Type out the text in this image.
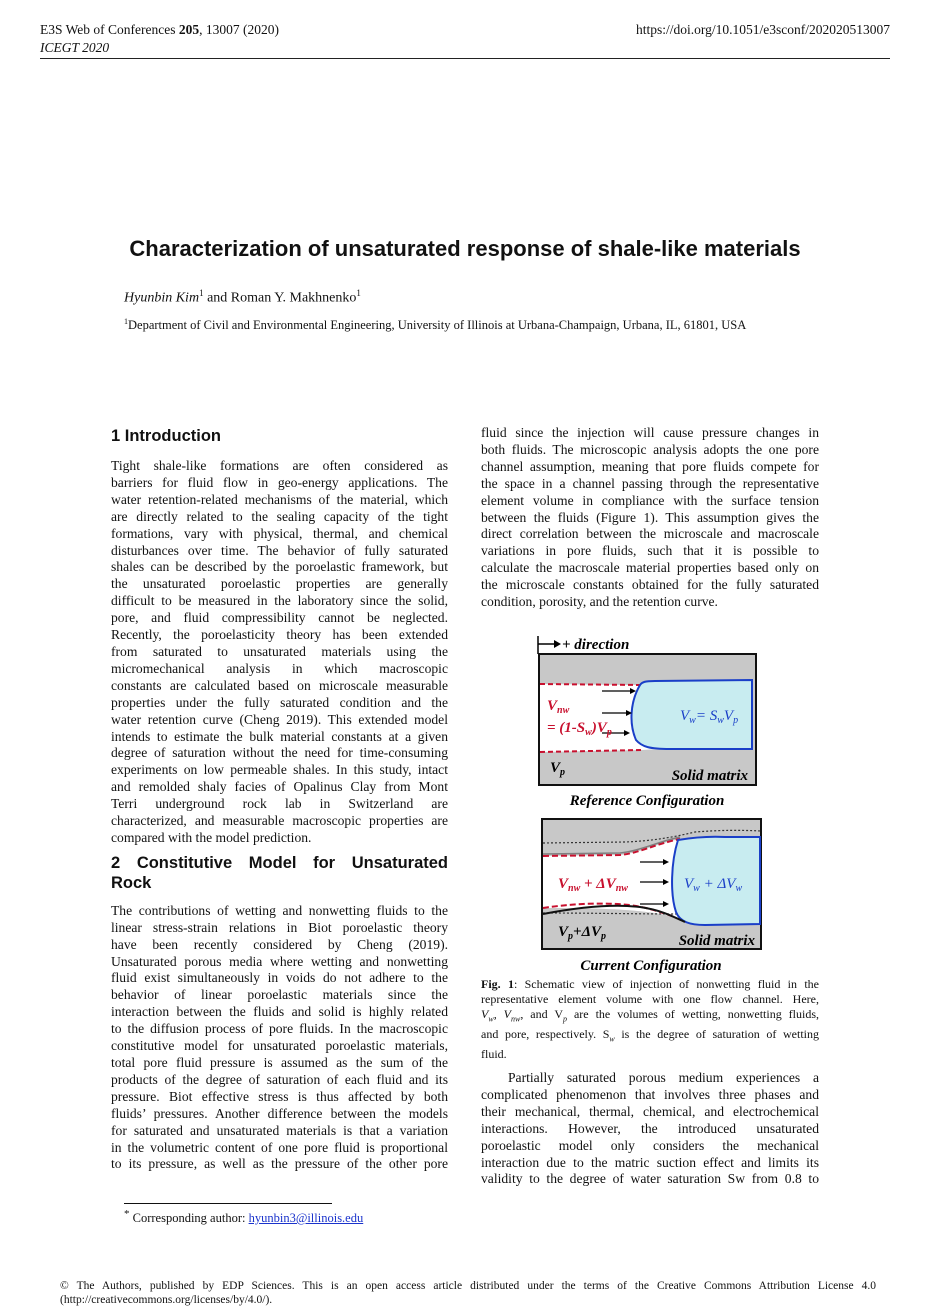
E3S Web of Conferences 205, 13007 (2020)
ICEGT 2020
https://doi.org/10.1051/e3sconf/202020513007
Characterization of unsaturated response of shale-like materials
Hyunbin Kim$^1$ and Roman Y. Makhnenko$^1$
$^1$Department of Civil and Environmental Engineering, University of Illinois at Urbana-Champaign, Urbana, IL, 61801, USA
1 Introduction
Tight shale-like formations are often considered as
barriers for fluid flow in geo-energy applications. The
water retention-related mechanisms of the material, which
are directly related to the sealing capacity of the tight
formations, vary with physical, thermal, and chemical
disturbances over time. The behavior of fully saturated
shales can be described by the poroelastic framework, but
the unsaturated poroelastic properties are generally
difficult to be measured in the laboratory since the solid,
pore, and fluid compressibility cannot be neglected.
Recently, the poroelasticity theory has been extended
from saturated to unsaturated materials using the
micromechanical analysis in which macroscopic
constants are calculated based on microscale measurable
properties under the fully saturated condition and the
water retention curve (Cheng 2019). This extended model
intends to estimate the bulk material constants at a given
degree of saturation without the need for time-consuming
experiments on low permeable shales. In this study, intact
and remolded shaly facies of Opalinus Clay from Mont
Terri underground rock lab in Switzerland are
characterized, and measurable macroscopic properties are
compared with the model prediction.
2 Constitutive Model for Unsaturated
Rock
The contributions of wetting and nonwetting fluids to the
linear stress-strain relations in Biot poroelastic theory
have been recently considered by Cheng (2019).
Unsaturated porous media where wetting and nonwetting
fluid exist simultaneously in voids do not adhere to the
behavior of linear poroelastic materials since the
interaction between the fluids and solid is highly related
to the diffusion process of pore fluids. In the macroscopic
constitutive model for unsaturated poroelastic materials,
total pore fluid pressure is assumed as the sum of the
products of the degree of saturation of each fluid and its
pressure. Biot effective stress is thus affected by both
fluids’ pressures. Another difference between the models
for saturated and unsaturated materials is that a variation
in the volumetric content of one pore fluid is proportional
to its pressure, as well as the pressure of the other pore
fluid since the injection will cause pressure changes in
both fluids. The microscopic analysis adopts the one pore
channel assumption, meaning that pore fluids compete for
the space in a channel passing through the representative
element volume in compliance with the surface tension
between the fluids (Figure 1). This assumption gives the
direct correlation between the microscale and macroscale
variations in pore fluids, such that it is possible to
calculate the macroscale material properties based only on
the microscale constants obtained for the fully saturated
condition, porosity, and the retention curve.
+ direction
$V_{nw}$
= $(1-S_w)V_p$
$V_w= S_wV_p$
$V_p$	Solid matrix
Reference Configuration
$V_{nw} + \Delta V_{nw}$	$V_w + \Delta V_w$
$V_p+\Delta V_p$	Solid matrix
Current Configuration
Fig. 1: Schematic view of injection of nonwetting fluid in the
representative element volume with one flow channel. Here,
$V_w$, $V_{nw}$, and $V_p$ are the volumes of wetting, nonwetting fluids,
and pore, respectively. $S_w$ is the degree of saturation of wetting
fluid.
Partially saturated porous medium experiences a
complicated phenomenon that involves three phases and
their mechanical, thermal, chemical, and electrochemical
interactions. However, the introduced unsaturated
poroelastic model only considers the mechanical
interaction due to the matric suction effect and limits its
validity to the degree of water saturation Sw from 0.8 to
* Corresponding author: hyunbin3@illinois.edu
© The Authors, published by EDP Sciences. This is an open access article distributed under the terms of the Creative Commons Attribution License 4.0
(http://creativecommons.org/licenses/by/4.0/).
